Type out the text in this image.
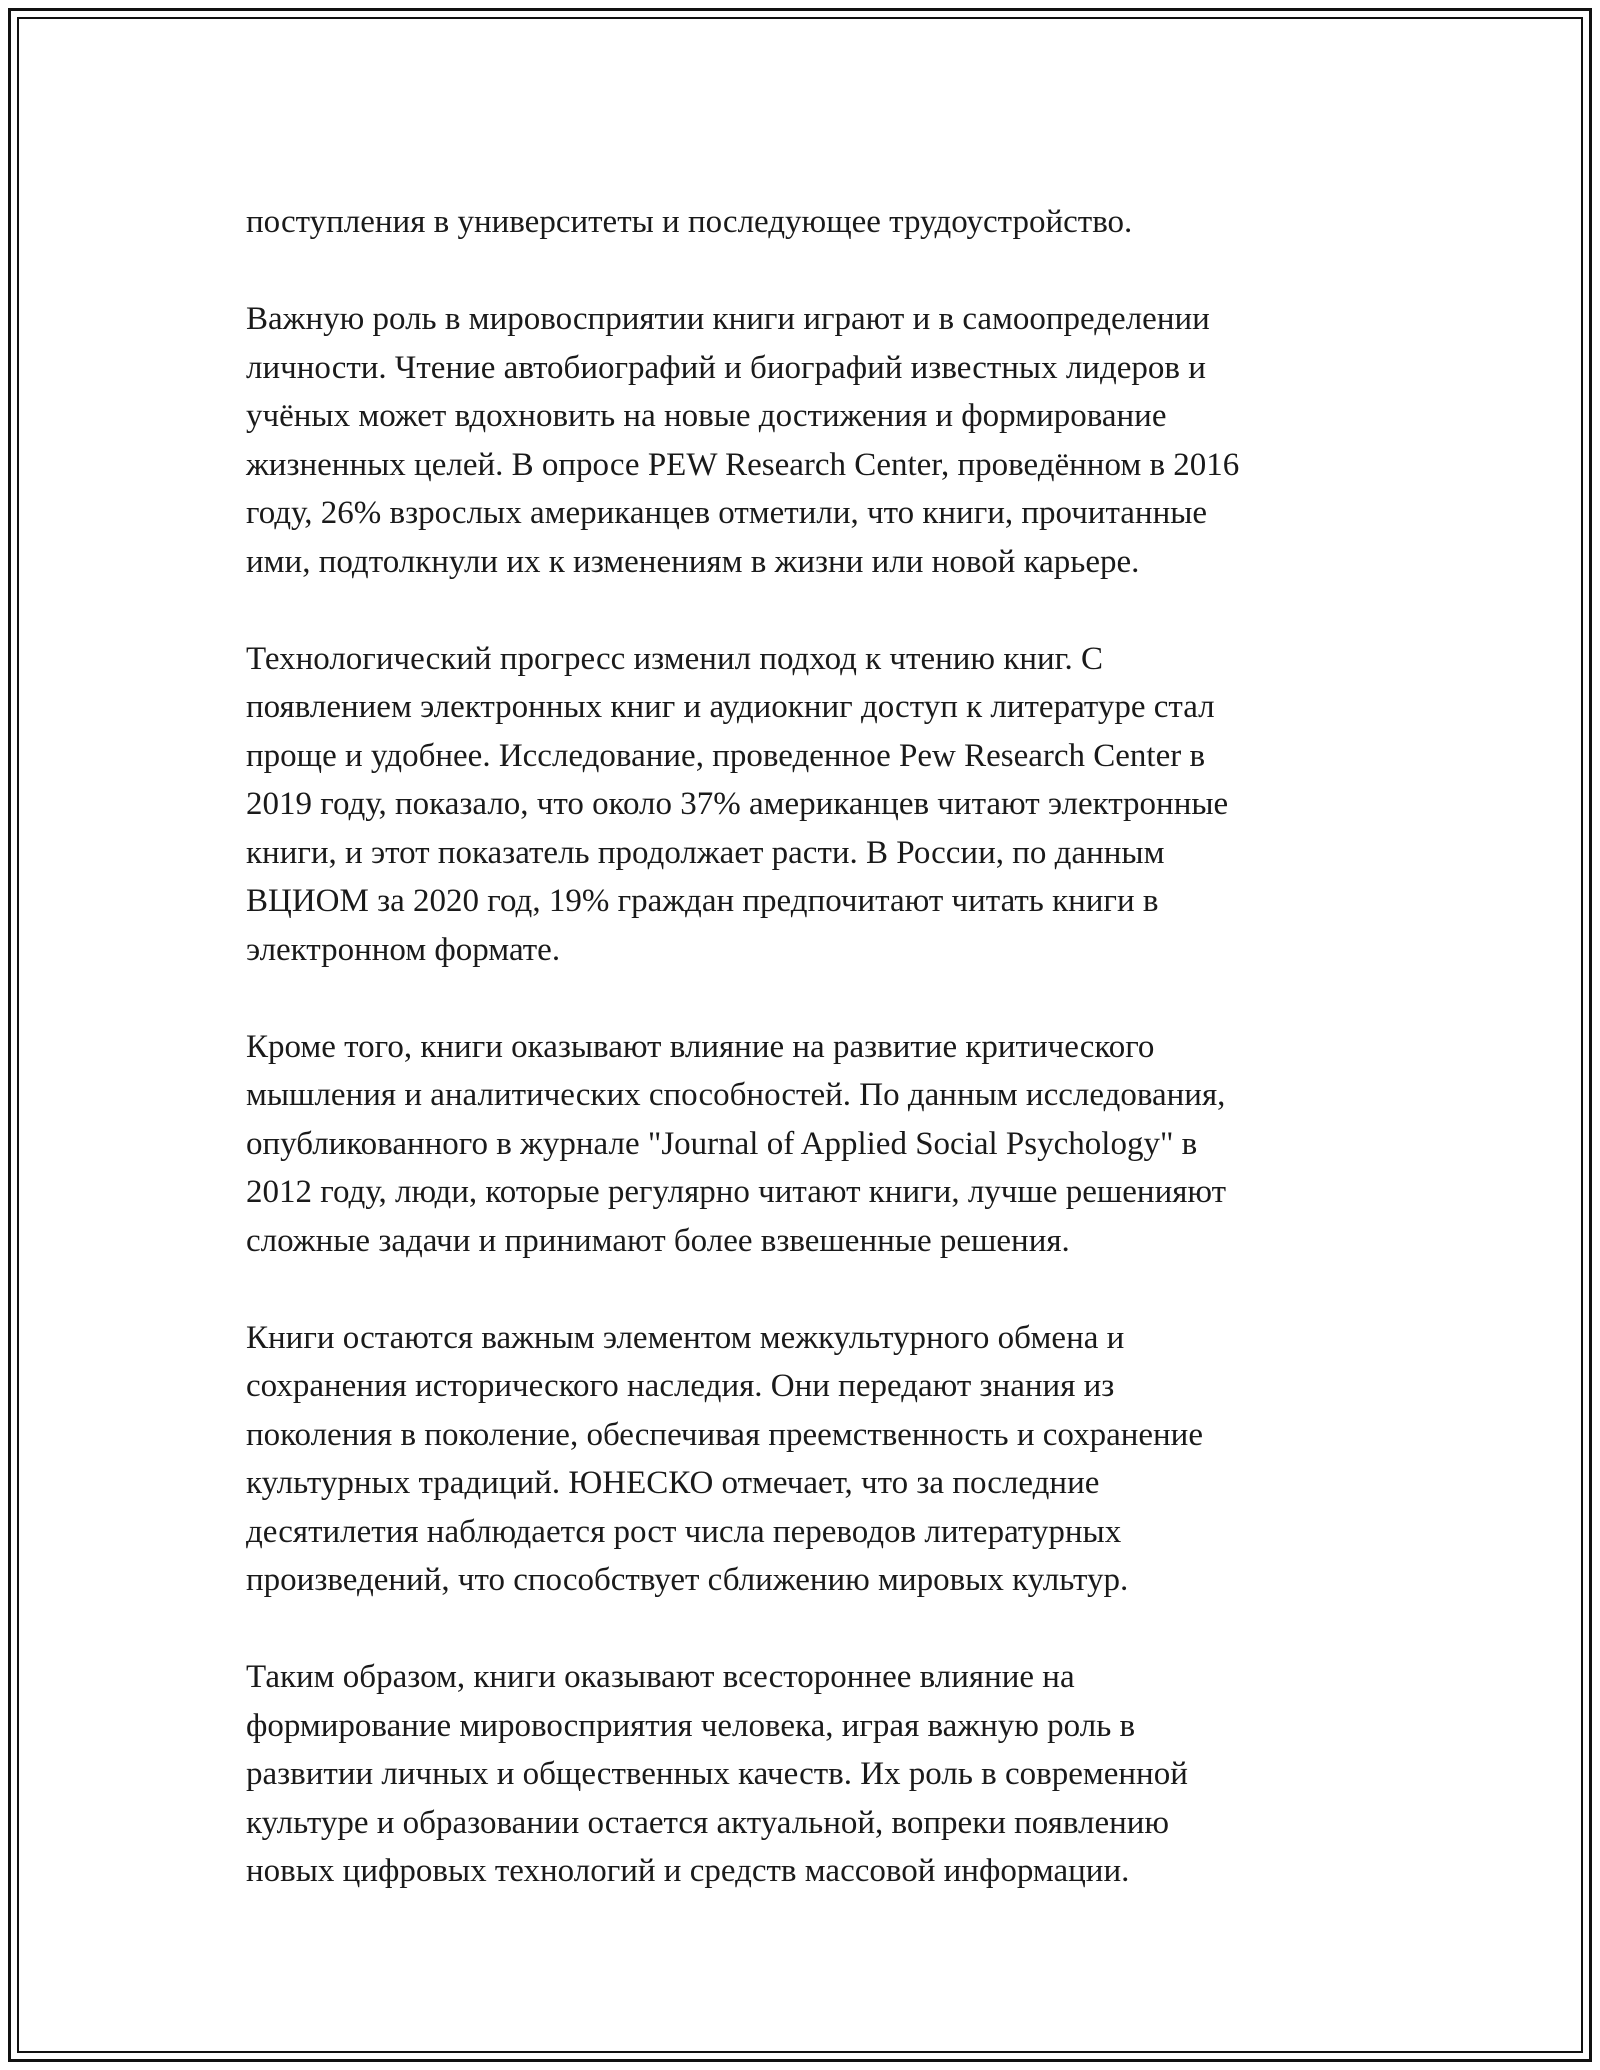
поступления в университеты и последующее трудоустройство.

Важную роль в мировосприятии книги играют и в самоопределении
личности. Чтение автобиографий и биографий известных лидеров и
учёных может вдохновить на новые достижения и формирование
жизненных целей. В опросе PEW Research Center, проведённом в 2016
году, 26% взрослых американцев отметили, что книги, прочитанные
ими, подтолкнули их к изменениям в жизни или новой карьере.

Технологический прогресс изменил подход к чтению книг. С
появлением электронных книг и аудиокниг доступ к литературе стал
проще и удобнее. Исследование, проведенное Pew Research Center в
2019 году, показало, что около 37% американцев читают электронные
книги, и этот показатель продолжает расти. В России, по данным
ВЦИОМ за 2020 год, 19% граждан предпочитают читать книги в
электронном формате.

Кроме того, книги оказывают влияние на развитие критического
мышления и аналитических способностей. По данным исследования,
опубликованного в журнале "Journal of Applied Social Psychology" в
2012 году, люди, которые регулярно читают книги, лучше решенияют
сложные задачи и принимают более взвешенные решения.

Книги остаются важным элементом межкультурного обмена и
сохранения исторического наследия. Они передают знания из
поколения в поколение, обеспечивая преемственность и сохранение
культурных традиций. ЮНЕСКО отмечает, что за последние
десятилетия наблюдается рост числа переводов литературных
произведений, что способствует сближению мировых культур.

Таким образом, книги оказывают всестороннее влияние на
формирование мировосприятия человека, играя важную роль в
развитии личных и общественных качеств. Их роль в современной
культуре и образовании остается актуальной, вопреки появлению
новых цифровых технологий и средств массовой информации.
